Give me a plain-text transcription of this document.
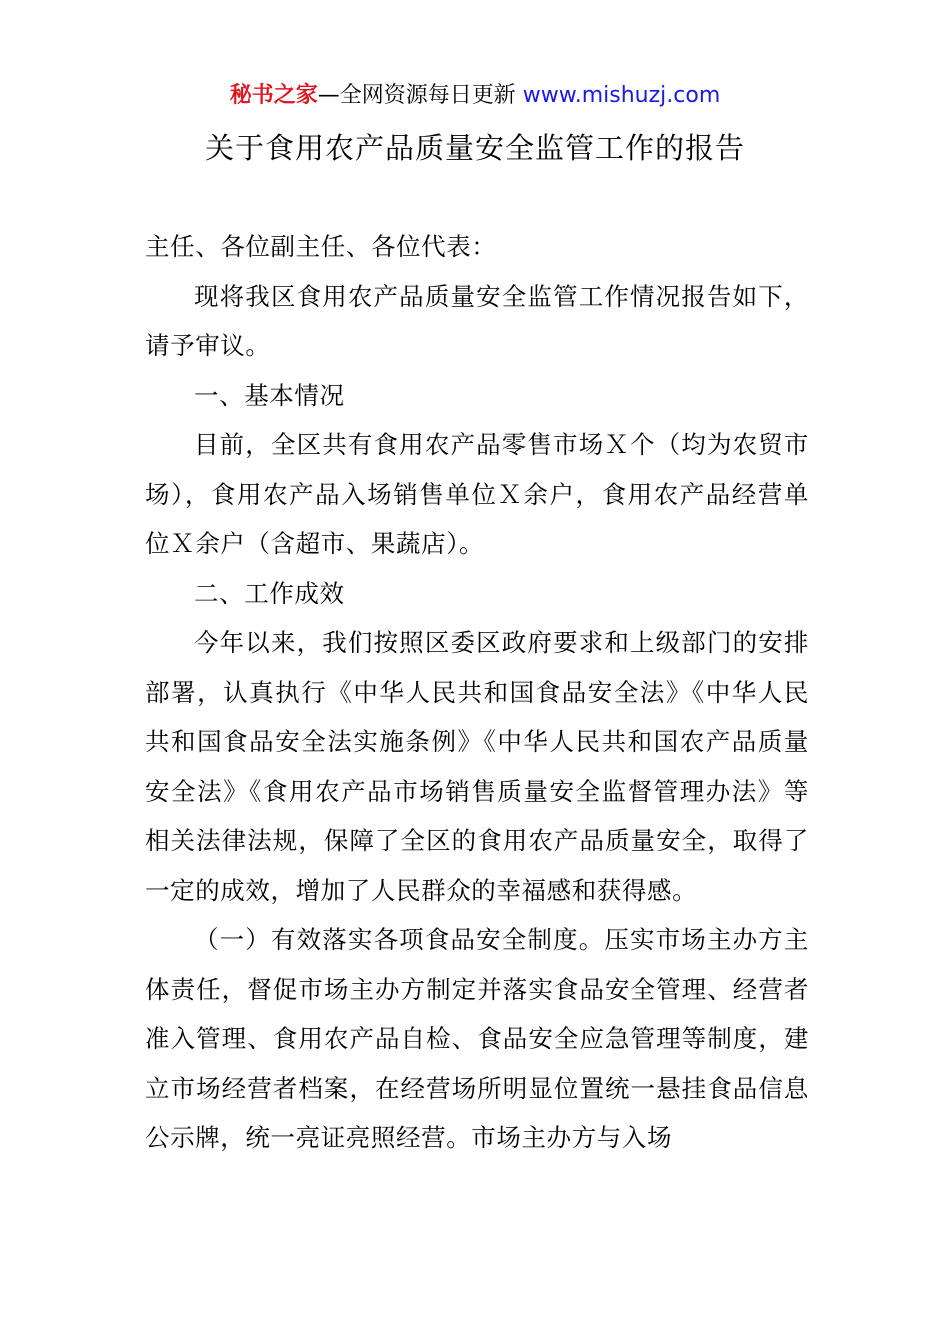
秘书之家—全网资源每日更新 www.mishuzj.com
关于食用农产品质量安全监管工作的报告

主任、各位副主任、各位代表：

现将我区食用农产品质量安全监管工作情况报告如下，请予审议。

一、基本情况

目前，全区共有食用农产品零售市场Ｘ个（均为农贸市场），食用农产品入场销售单位Ｘ余户，食用农产品经营单位Ｘ余户（含超市、果蔬店）。

二、工作成效

今年以来，我们按照区委区政府要求和上级部门的安排部署，认真执行《中华人民共和国食品安全法》《中华人民共和国食品安全法实施条例》《中华人民共和国农产品质量安全法》《食用农产品市场销售质量安全监督管理办法》等相关法律法规，保障了全区的食用农产品质量安全，取得了一定的成效，增加了人民群众的幸福感和获得感。

（一）有效落实各项食品安全制度。压实市场主办方主体责任，督促市场主办方制定并落实食品安全管理、经营者准入管理、食用农产品自检、食品安全应急管理等制度，建立市场经营者档案，在经营场所明显位置统一悬挂食品信息公示牌，统一亮证亮照经营。市场主办方与入场
